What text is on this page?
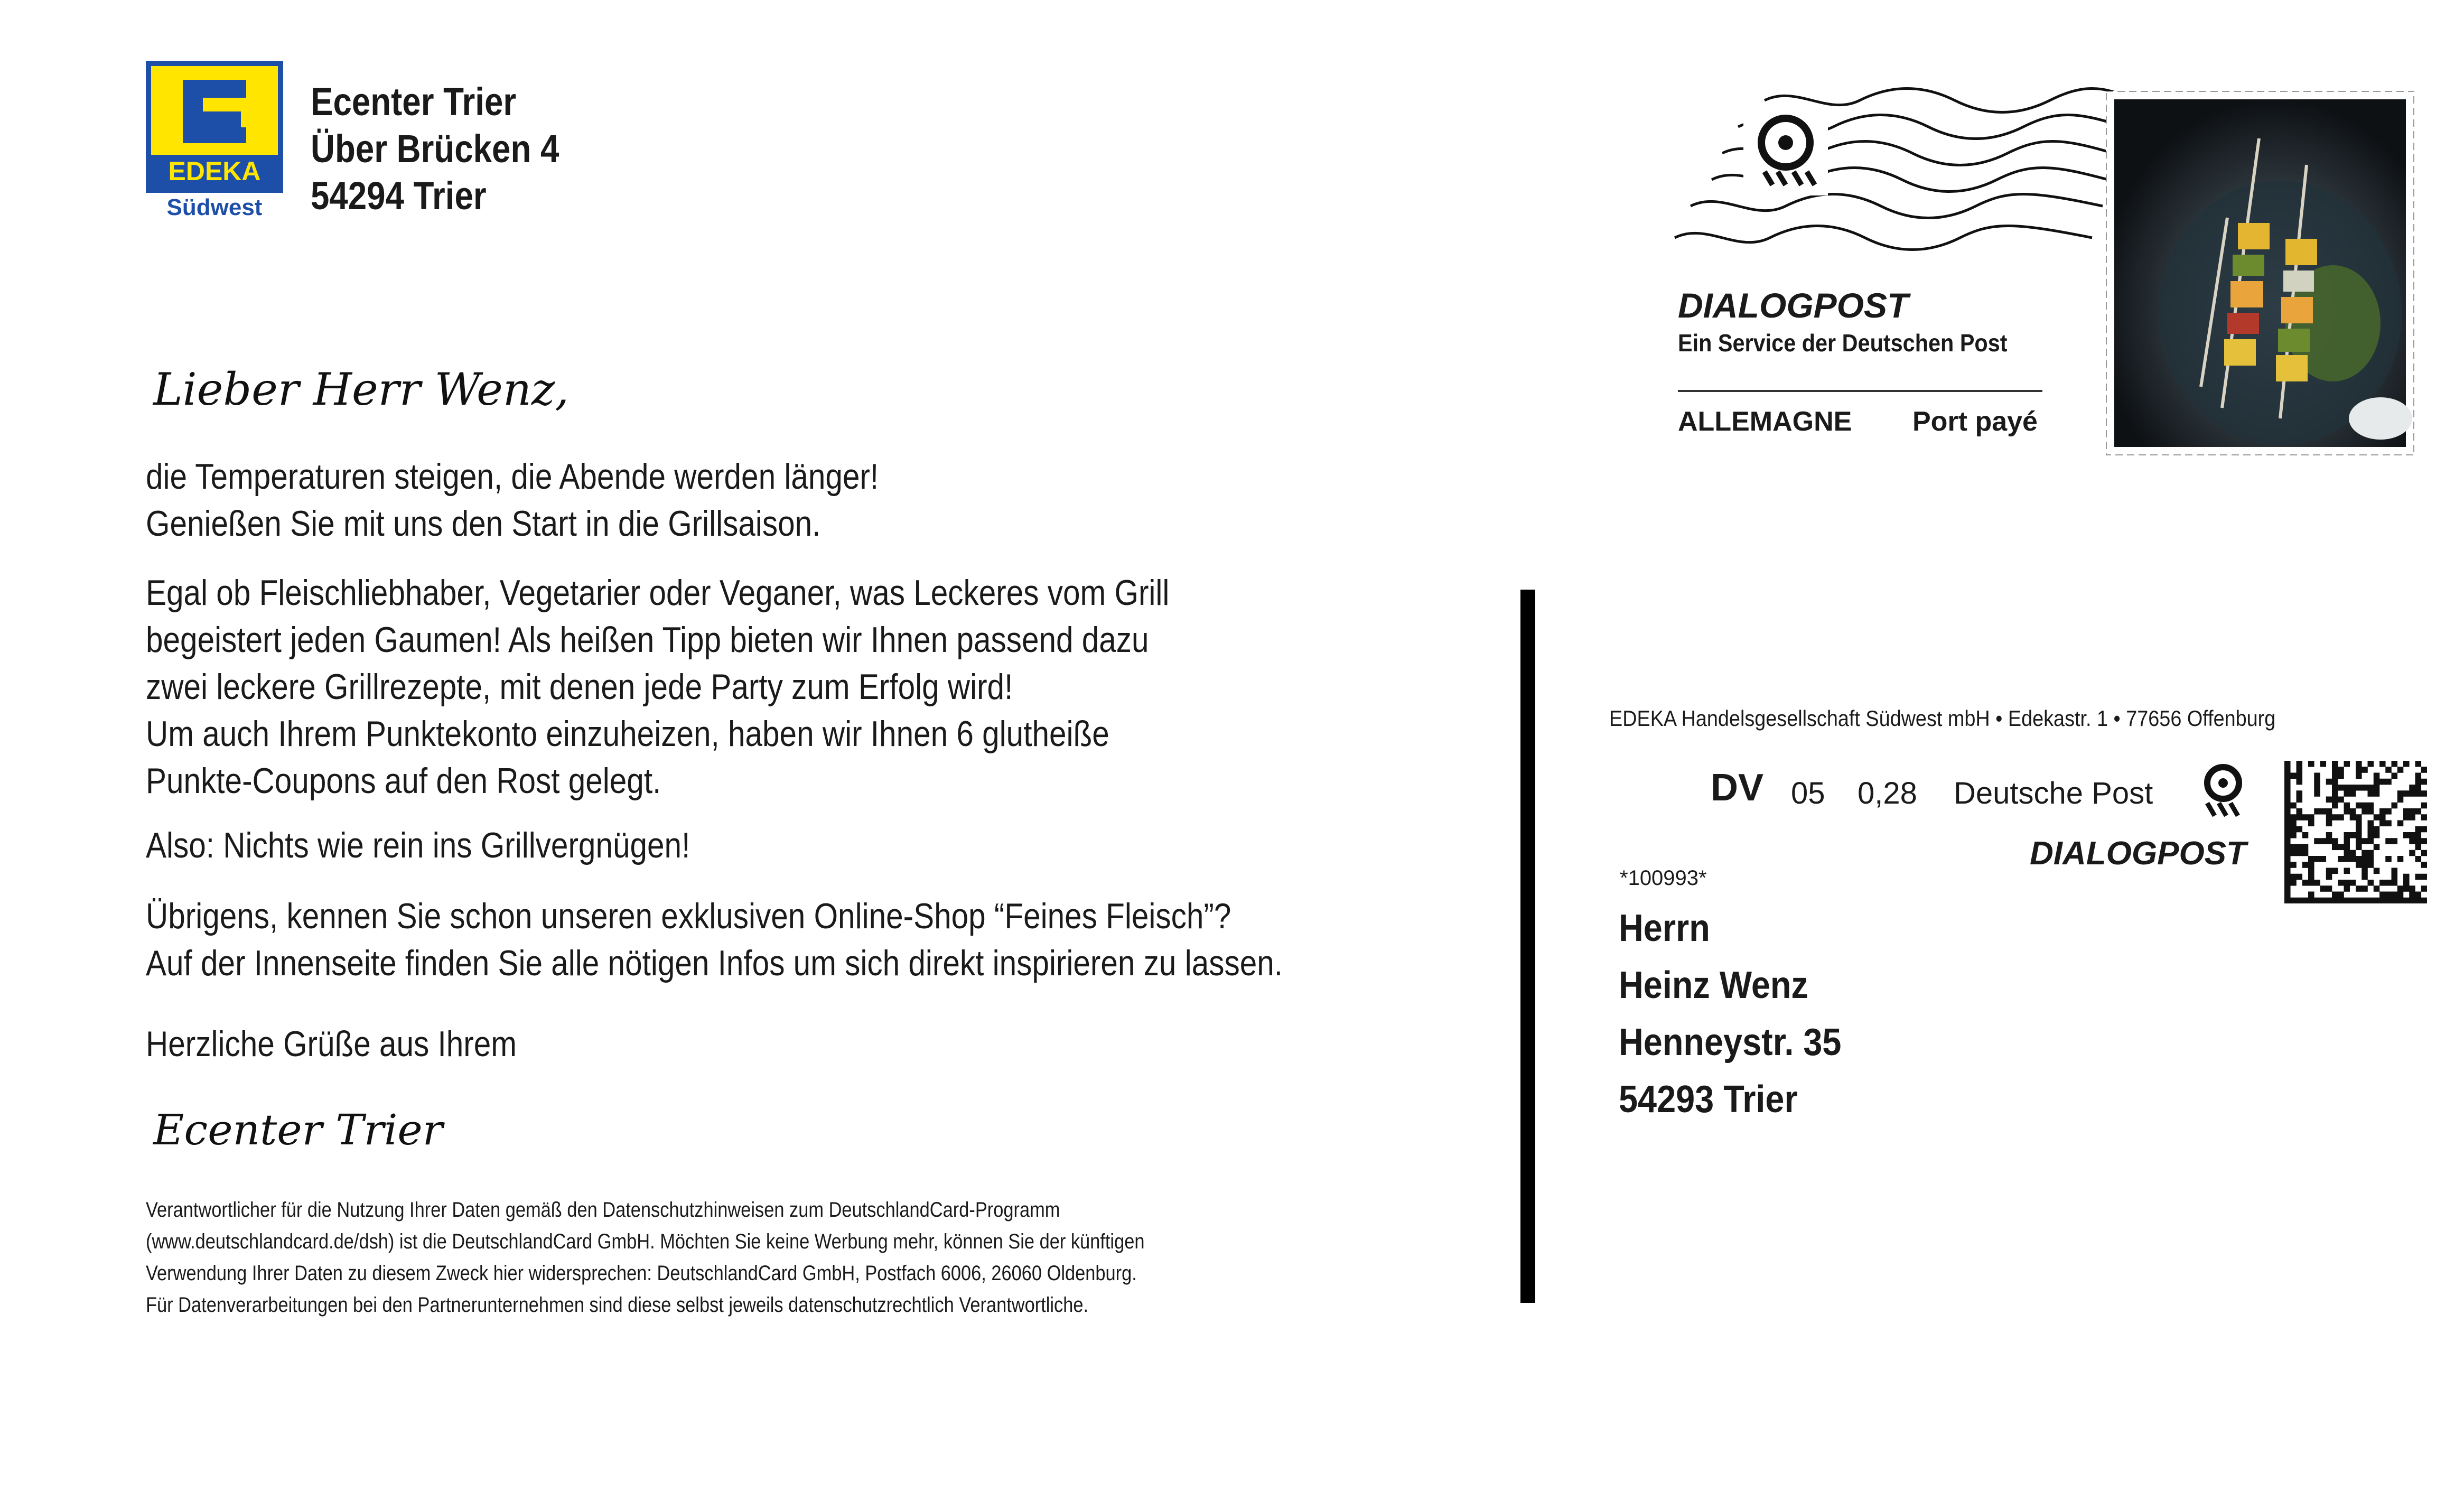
EDEKA
Südwest
Ecenter Trier
Über Brücken 4
54294 Trier
Lieber Herr Wenz,
die Temperaturen steigen, die Abende werden länger!
Genießen Sie mit uns den Start in die Grillsaison.
Egal ob Fleischliebhaber, Vegetarier oder Veganer, was Leckeres vom Grill
begeistert jeden Gaumen! Als heißen Tipp bieten wir Ihnen passend dazu
zwei leckere Grillrezepte, mit denen jede Party zum Erfolg wird!
Um auch Ihrem Punktekonto einzuheizen, haben wir Ihnen 6 glutheiße
Punkte-Coupons auf den Rost gelegt.
Also: Nichts wie rein ins Grillvergnügen!
Übrigens, kennen Sie schon unseren exklusiven Online-Shop “Feines Fleisch”?
Auf der Innenseite finden Sie alle nötigen Infos um sich direkt inspirieren zu lassen.
Herzliche Grüße aus Ihrem
Ecenter Trier
Verantwortlicher für die Nutzung Ihrer Daten gemäß den Datenschutzhinweisen zum DeutschlandCard-Programm
(www.deutschlandcard.de/dsh) ist die DeutschlandCard GmbH. Möchten Sie keine Werbung mehr, können Sie der künftigen
Verwendung Ihrer Daten zu diesem Zweck hier widersprechen: DeutschlandCard GmbH, Postfach 6006, 26060 Oldenburg.
Für Datenverarbeitungen bei den Partnerunternehmen sind diese selbst jeweils datenschutzrechtlich Verantwortliche.
DIALOGPOST
Ein Service der Deutschen Post
ALLEMAGNE Port payé
EDEKA Handelsgesellschaft Südwest mbH • Edekastr. 1 • 77656 Offenburg
DV 05 0,28 Deutsche Post
DIALOGPOST
*100993*
Herrn
Heinz Wenz
Henneystr. 35
54293 Trier
